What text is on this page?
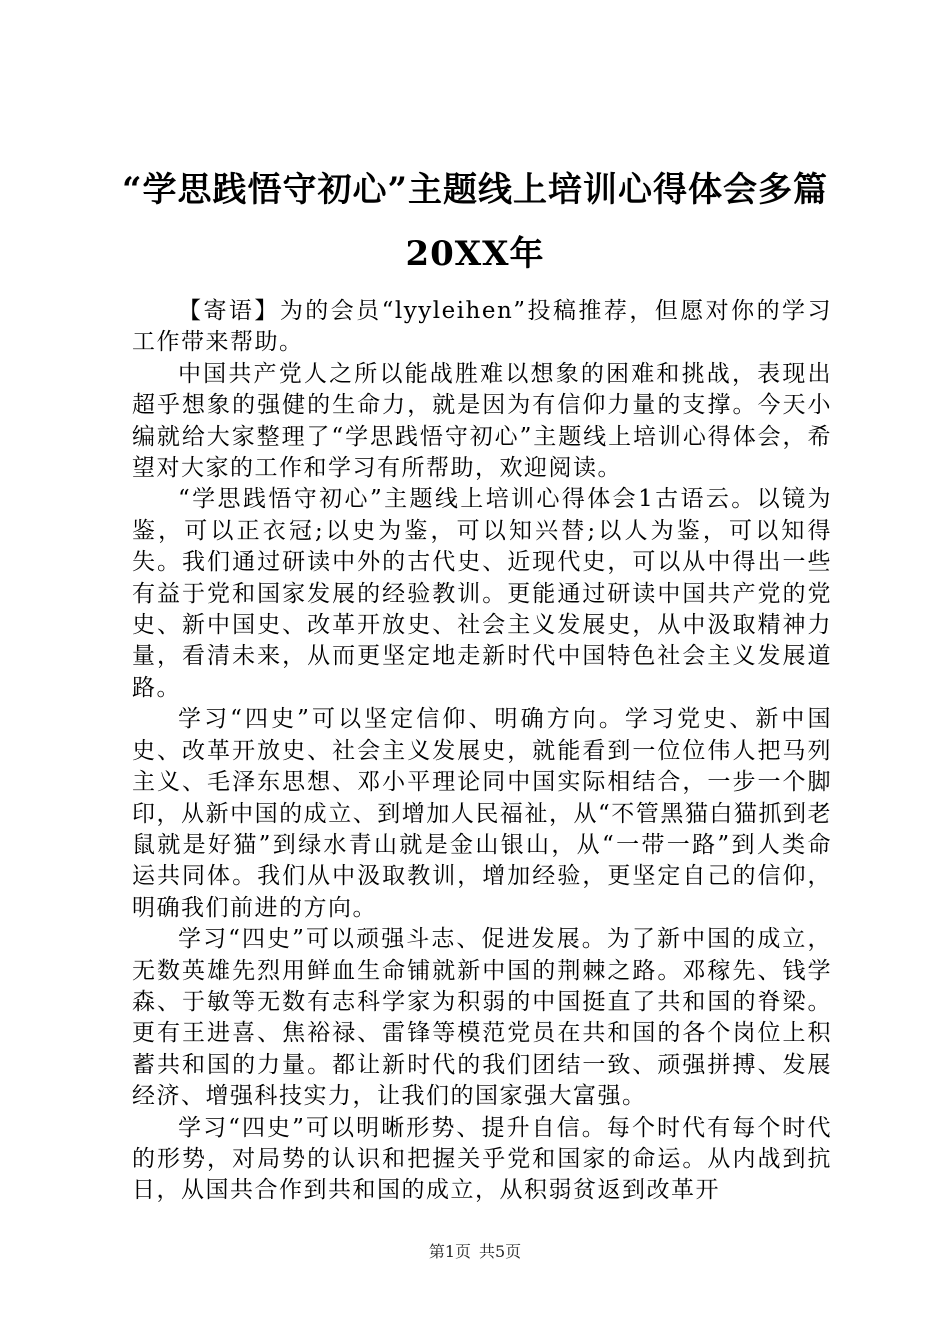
“学思践悟守初心”主题线上培训心得体会多篇20XX年

【寄语】为的会员“lyyleihen”投稿推荐，但愿对你的学习工作带来帮助。

中国共产党人之所以能战胜难以想象的困难和挑战，表现出超乎想象的强健的生命力，就是因为有信仰力量的支撑。今天小编就给大家整理了“学思践悟守初心”主题线上培训心得体会，希望对大家的工作和学习有所帮助，欢迎阅读。

“学思践悟守初心”主题线上培训心得体会1古语云。以镜为鉴，可以正衣冠;以史为鉴，可以知兴替;以人为鉴，可以知得失。我们通过研读中外的古代史、近现代史，可以从中得出一些有益于党和国家发展的经验教训。更能通过研读中国共产党的党史、新中国史、改革开放史、社会主义发展史，从中汲取精神力量，看清未来，从而更坚定地走新时代中国特色社会主义发展道路。

学习“四史”可以坚定信仰、明确方向。学习党史、新中国史、改革开放史、社会主义发展史，就能看到一位位伟人把马列主义、毛泽东思想、邓小平理论同中国实际相结合，一步一个脚印，从新中国的成立、到增加人民福祉，从“不管黑猫白猫抓到老鼠就是好猫”到绿水青山就是金山银山，从“一带一路”到人类命运共同体。我们从中汲取教训，增加经验，更坚定自己的信仰，明确我们前进的方向。

学习“四史”可以顽强斗志、促进发展。为了新中国的成立，无数英雄先烈用鲜血生命铺就新中国的荆棘之路。邓稼先、钱学森、于敏等无数有志科学家为积弱的中国挺直了共和国的脊梁。更有王进喜、焦裕禄、雷锋等模范党员在共和国的各个岗位上积蓄共和国的力量。都让新时代的我们团结一致、顽强拼搏、发展经济、增强科技实力，让我们的国家强大富强。

学习“四史”可以明晰形势、提升自信。每个时代有每个时代的形势，对局势的认识和把握关乎党和国家的命运。从内战到抗日，从国共合作到共和国的成立，从积弱贫返到改革开

第1页 共5页
